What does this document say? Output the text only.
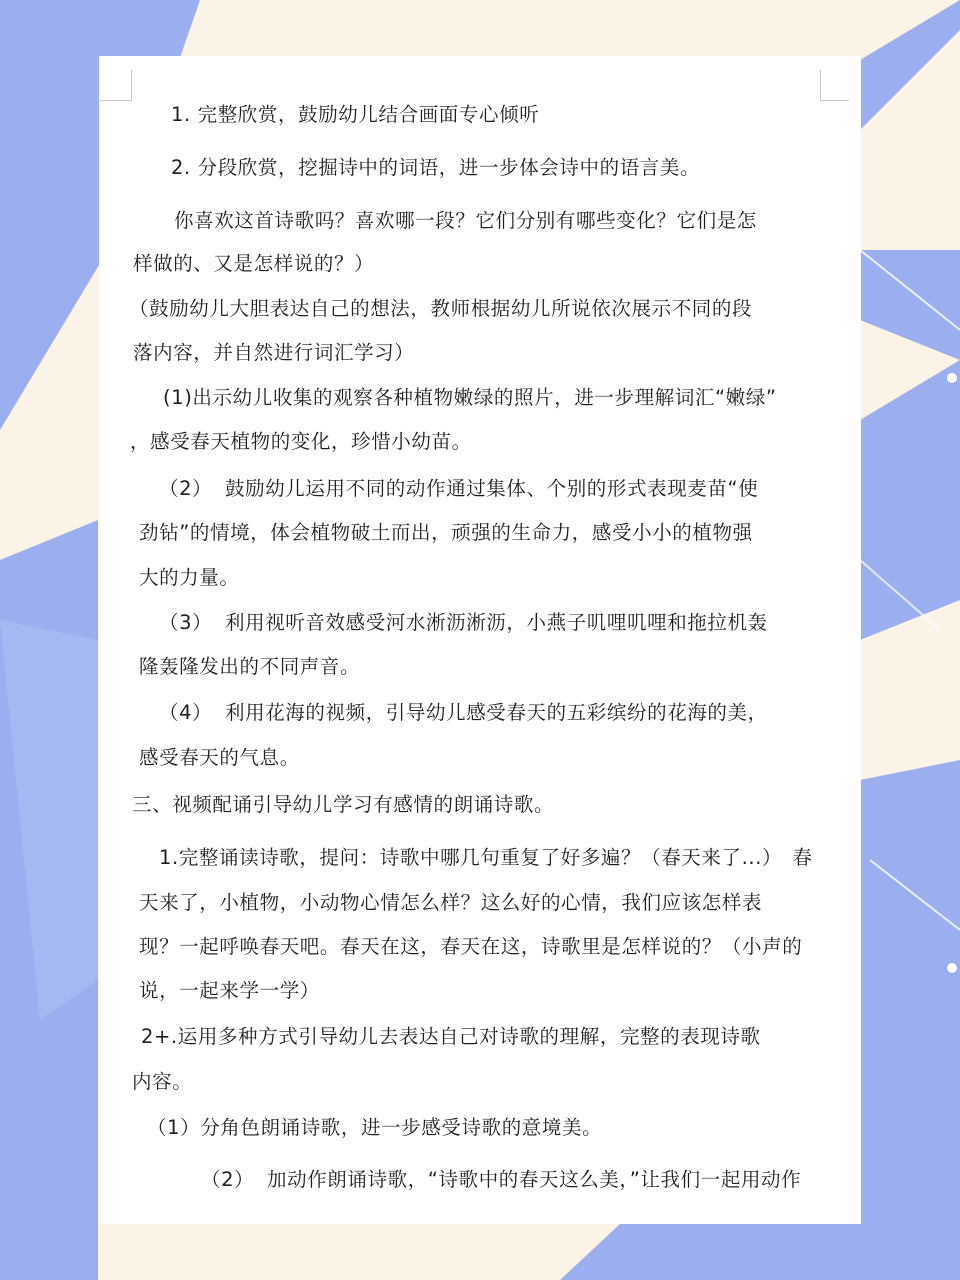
1. 完整欣赏，鼓励幼儿结合画面专心倾听

2. 分段欣赏，挖掘诗中的词语，进一步体会诗中的语言美。

你喜欢这首诗歌吗？喜欢哪一段？它们分别有哪些变化？它们是怎

样做的、又是怎样说的？）

（鼓励幼儿大胆表达自己的想法，教师根据幼儿所说依次展示不同的段

落内容，并自然进行词汇学习）

(1)出示幼儿收集的观察各种植物嫩绿的照片，进一步理解词汇“嫩绿”

，感受春天植物的变化，珍惜小幼苗。

（2） 鼓励幼儿运用不同的动作通过集体、个别的形式表现麦苗“使

劲钻”的情境，体会植物破土而出，顽强的生命力，感受小小的植物强

大的力量。

（3） 利用视听音效感受河水淅沥淅沥，小燕子叽哩叽哩和拖拉机轰

隆轰隆发出的不同声音。

（4） 利用花海的视频，引导幼儿感受春天的五彩缤纷的花海的美，

感受春天的气息。

三、视频配诵引导幼儿学习有感情的朗诵诗歌。

1.完整诵读诗歌，提问：诗歌中哪几句重复了好多遍？（春天来了...）　春

天来了，小植物，小动物心情怎么样？这么好的心情，我们应该怎样表

现？一起呼唤春天吧。春天在这，春天在这，诗歌里是怎样说的？（小声的

说，一起来学一学）

2+.运用多种方式引导幼儿去表达自己对诗歌的理解，完整的表现诗歌

内容。

（1）分角色朗诵诗歌，进一步感受诗歌的意境美。

（2） 加动作朗诵诗歌，“诗歌中的春天这么美，”让我们一起用动作
